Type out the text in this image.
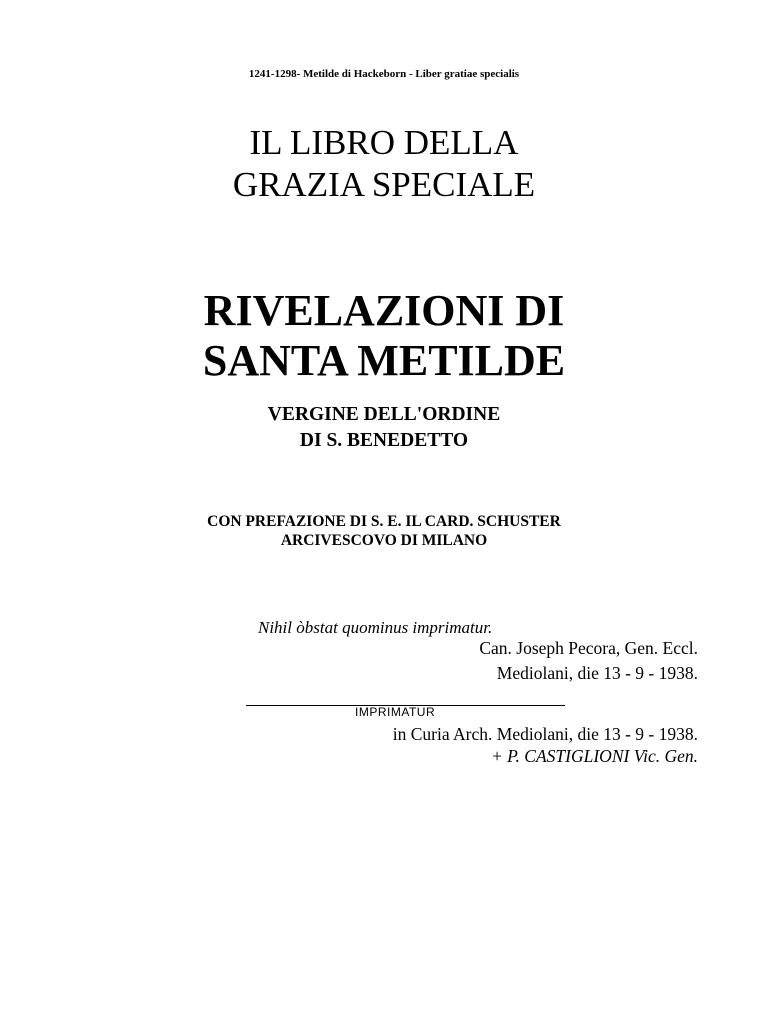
1241-1298- Metilde di Hackeborn - Liber gratiae specialis
IL LIBRO DELLA
GRAZIA SPECIALE
RIVELAZIONI DI
SANTA METILDE
VERGINE DELL'ORDINE
DI S. BENEDETTO
CON PREFAZIONE DI S. E. IL CARD. SCHUSTER
ARCIVESCOVO DI MILANO
Nihil òbstat quominus imprimatur.
Can. Joseph Pecora, Gen. Eccl.
Mediolani, die 13 - 9 - 1938.
IMPRIMATUR
in Curia Arch. Mediolani, die 13 - 9 - 1938.
+ P. CASTIGLIONI Vic. Gen.
